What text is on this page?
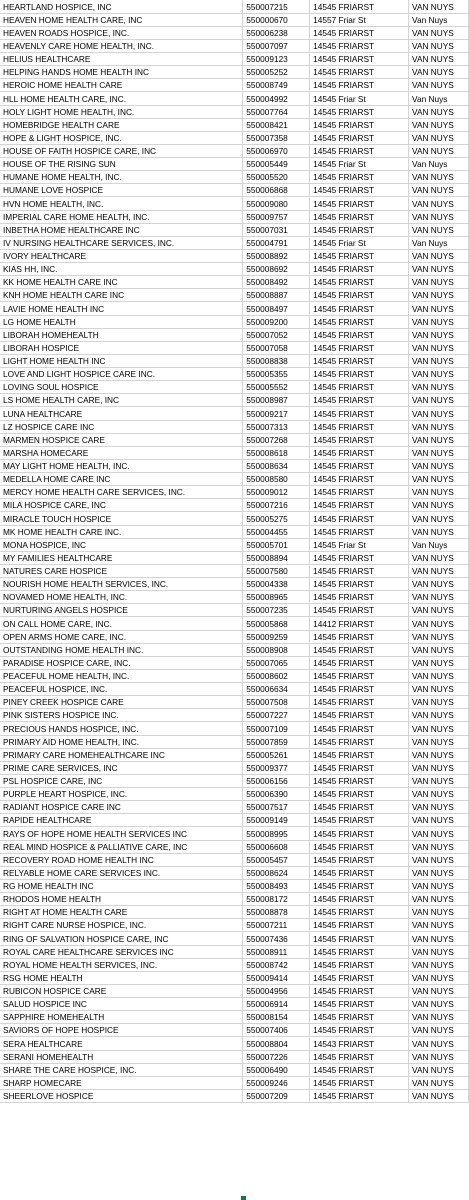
HEARTLAND HOSPICE, INC	550007215	14545 FRIARST	VAN NUYS
HEAVEN HOME HEALTH CARE, INC	550000670	14557 Friar St	Van Nuys
HEAVEN ROADS HOSPICE, INC.	550006238	14545 FRIARST	VAN NUYS
HEAVENLY CARE HOME HEALTH, INC.	550007097	14545 FRIARST	VAN NUYS
HELIUS HEALTHCARE	550009123	14545 FRIARST	VAN NUYS
HELPING HANDS HOME HEALTH INC	550005252	14545 FRIARST	VAN NUYS
HEROIC HOME HEALTH CARE	550008749	14545 FRIARST	VAN NUYS
HLL HOME HEALTH CARE, INC.	550004992	14545 Friar St	Van Nuys
HOLY LIGHT HOME HEALTH, INC.	550007764	14545 FRIARST	VAN NUYS
HOMEBRIDGE HEALTH CARE	550008421	14545 FRIARST	VAN NUYS
HOPE & LIGHT HOSPICE, INC.	550007358	14545 FRIARST	VAN NUYS
HOUSE OF FAITH HOSPICE CARE, INC	550006970	14545 FRIARST	VAN NUYS
HOUSE OF THE RISING SUN	550005449	14545 Friar St	Van Nuys
HUMANE HOME HEALTH, INC.	550005520	14545 FRIARST	VAN NUYS
HUMANE LOVE HOSPICE	550006868	14545 FRIARST	VAN NUYS
HVN HOME HEALTH, INC.	550009080	14545 FRIARST	VAN NUYS
IMPERIAL CARE HOME HEALTH, INC.	550009757	14545 FRIARST	VAN NUYS
INBETHA HOME HEALTHCARE INC	550007031	14545 FRIARST	VAN NUYS
IV NURSING HEALTHCARE SERVICES, INC.	550004791	14545 Friar St	Van Nuys
IVORY HEALTHCARE	550008892	14545 FRIARST	VAN NUYS
KIAS HH, INC.	550008692	14545 FRIARST	VAN NUYS
KK HOME HEALTH CARE INC	550008492	14545 FRIARST	VAN NUYS
KNH HOME HEALTH CARE INC	550008887	14545 FRIARST	VAN NUYS
LAVIE HOME HEALTH INC	550008497	14545 FRIARST	VAN NUYS
LG HOME HEALTH	550009200	14545 FRIARST	VAN NUYS
LIBORAH HOMEHEALTH	550007052	14545 FRIARST	VAN NUYS
LIBORAH HOSPICE	550007058	14545 FRIARST	VAN NUYS
LIGHT HOME HEALTH INC	550008838	14545 FRIARST	VAN NUYS
LOVE AND LIGHT HOSPICE CARE INC.	550005355	14545 FRIARST	VAN NUYS
LOVING SOUL HOSPICE	550005552	14545 FRIARST	VAN NUYS
LS HOME HEALTH CARE, INC	550008987	14545 FRIARST	VAN NUYS
LUNA HEALTHCARE	550009217	14545 FRIARST	VAN NUYS
LZ HOSPICE CARE INC	550007313	14545 FRIARST	VAN NUYS
MARMEN HOSPICE CARE	550007268	14545 FRIARST	VAN NUYS
MARSHA HOMECARE	550008618	14545 FRIARST	VAN NUYS
MAY LIGHT HOME HEALTH, INC.	550008634	14545 FRIARST	VAN NUYS
MEDELLA HOME CARE INC	550008580	14545 FRIARST	VAN NUYS
MERCY HOME HEALTH CARE SERVICES, INC.	550009012	14545 FRIARST	VAN NUYS
MILA HOSPICE CARE, INC	550007216	14545 FRIARST	VAN NUYS
MIRACLE TOUCH HOSPICE	550005275	14545 FRIARST	VAN NUYS
MK HOME HEALTH CARE INC.	550004455	14545 FRIARST	VAN NUYS
MONA HOSPICE, INC	550005701	14545 Friar St	Van Nuys
MY FAMILIES HEALTHCARE	550008894	14545 FRIARST	VAN NUYS
NATURES CARE HOSPICE	550007580	14545 FRIARST	VAN NUYS
NOURISH HOME HEALTH SERVICES, INC.	550004338	14545 FRIARST	VAN NUYS
NOVAMED HOME HEALTH, INC.	550008965	14545 FRIARST	VAN NUYS
NURTURING ANGELS HOSPICE	550007235	14545 FRIARST	VAN NUYS
ON CALL HOME CARE, INC.	550005868	14412 FRIARST	VAN NUYS
OPEN ARMS HOME CARE, INC.	550009259	14545 FRIARST	VAN NUYS
OUTSTANDING HOME HEALTH INC.	550008908	14545 FRIARST	VAN NUYS
PARADISE HOSPICE CARE, INC.	550007065	14545 FRIARST	VAN NUYS
PEACEFUL HOME HEALTH, INC.	550008602	14545 FRIARST	VAN NUYS
PEACEFUL HOSPICE, INC.	550006634	14545 FRIARST	VAN NUYS
PINEY CREEK HOSPICE CARE	550007508	14545 FRIARST	VAN NUYS
PINK SISTERS HOSPICE INC.	550007227	14545 FRIARST	VAN NUYS
PRECIOUS HANDS HOSPICE, INC.	550007109	14545 FRIARST	VAN NUYS
PRIMARY AID HOME HEALTH, INC.	550007859	14545 FRIARST	VAN NUYS
PRIMARY CARE HOMEHEALTHCARE INC	550005261	14545 FRIARST	VAN NUYS
PRIME CARE SERVICES, INC	550009377	14545 FRIARST	VAN NUYS
PSL HOSPICE CARE, INC	550006156	14545 FRIARST	VAN NUYS
PURPLE HEART HOSPICE, INC.	550006390	14545 FRIARST	VAN NUYS
RADIANT HOSPICE CARE INC	550007517	14545 FRIARST	VAN NUYS
RAPIDE HEALTHCARE	550009149	14545 FRIARST	VAN NUYS
RAYS OF HOPE HOME HEALTH SERVICES INC	550008995	14545 FRIARST	VAN NUYS
REAL MIND HOSPICE & PALLIATIVE CARE, INC	550006608	14545 FRIARST	VAN NUYS
RECOVERY ROAD HOME HEALTH INC	550005457	14545 FRIARST	VAN NUYS
RELYABLE HOME CARE SERVICES INC.	550008624	14545 FRIARST	VAN NUYS
RG HOME HEALTH INC	550008493	14545 FRIARST	VAN NUYS
RHODOS HOME HEALTH	550008172	14545 FRIARST	VAN NUYS
RIGHT AT HOME HEALTH CARE	550008878	14545 FRIARST	VAN NUYS
RIGHT CARE NURSE HOSPICE, INC.	550007211	14545 FRIARST	VAN NUYS
RING OF SALVATION HOSPICE CARE, INC	550007436	14545 FRIARST	VAN NUYS
ROYAL CARE HEALTHCARE SERVICES INC	550008911	14545 FRIARST	VAN NUYS
ROYAL HOME HEALTH SERVICES, INC.	550008742	14545 FRIARST	VAN NUYS
RSG HOME HEALTH	550009414	14545 FRIARST	VAN NUYS
RUBICON HOSPICE CARE	550004956	14545 FRIARST	VAN NUYS
SALUD HOSPICE INC	550006914	14545 FRIARST	VAN NUYS
SAPPHIRE HOMEHEALTH	550008154	14545 FRIARST	VAN NUYS
SAVIORS OF HOPE HOSPICE	550007406	14545 FRIARST	VAN NUYS
SERA HEALTHCARE	550008804	14543 FRIARST	VAN NUYS
SERANI HOMEHEALTH	550007226	14545 FRIARST	VAN NUYS
SHARE THE CARE HOSPICE, INC.	550006490	14545 FRIARST	VAN NUYS
SHARP HOMECARE	550009246	14545 FRIARST	VAN NUYS
SHEERLOVE HOSPICE	550007209	14545 FRIARST	VAN NUYS
